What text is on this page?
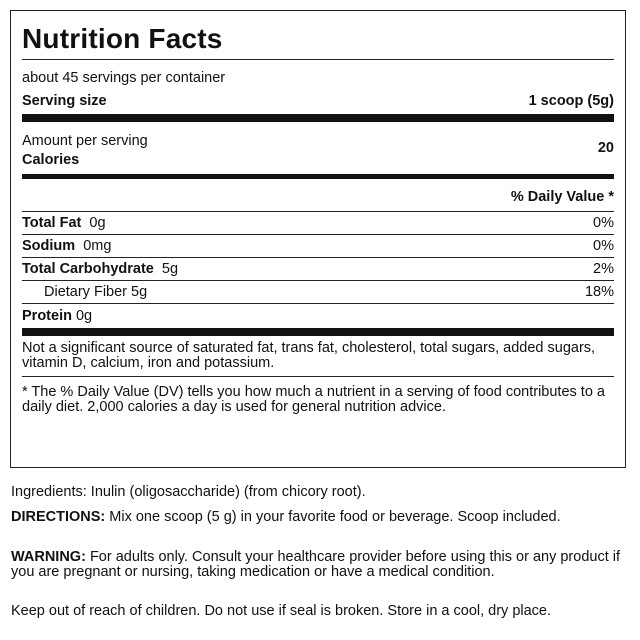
Nutrition Facts
about 45 servings per container
Serving size	1 scoop (5g)
Amount per serving
Calories
20
% Daily Value *
Total Fat 0g	0%
Sodium 0mg	0%
Total Carbohydrate 5g	2%
Dietary Fiber 5g	18%
Protein 0g
Not a significant source of saturated fat, trans fat, cholesterol, total sugars, added sugars, vitamin D, calcium, iron and potassium.
* The % Daily Value (DV) tells you how much a nutrient in a serving of food contributes to a daily diet. 2,000 calories a day is used for general nutrition advice.
Ingredients: Inulin (oligosaccharide) (from chicory root).
DIRECTIONS: Mix one scoop (5 g) in your favorite food or beverage. Scoop included.
WARNING: For adults only. Consult your healthcare provider before using this or any product if you are pregnant or nursing, taking medication or have a medical condition.
Keep out of reach of children. Do not use if seal is broken. Store in a cool, dry place.
